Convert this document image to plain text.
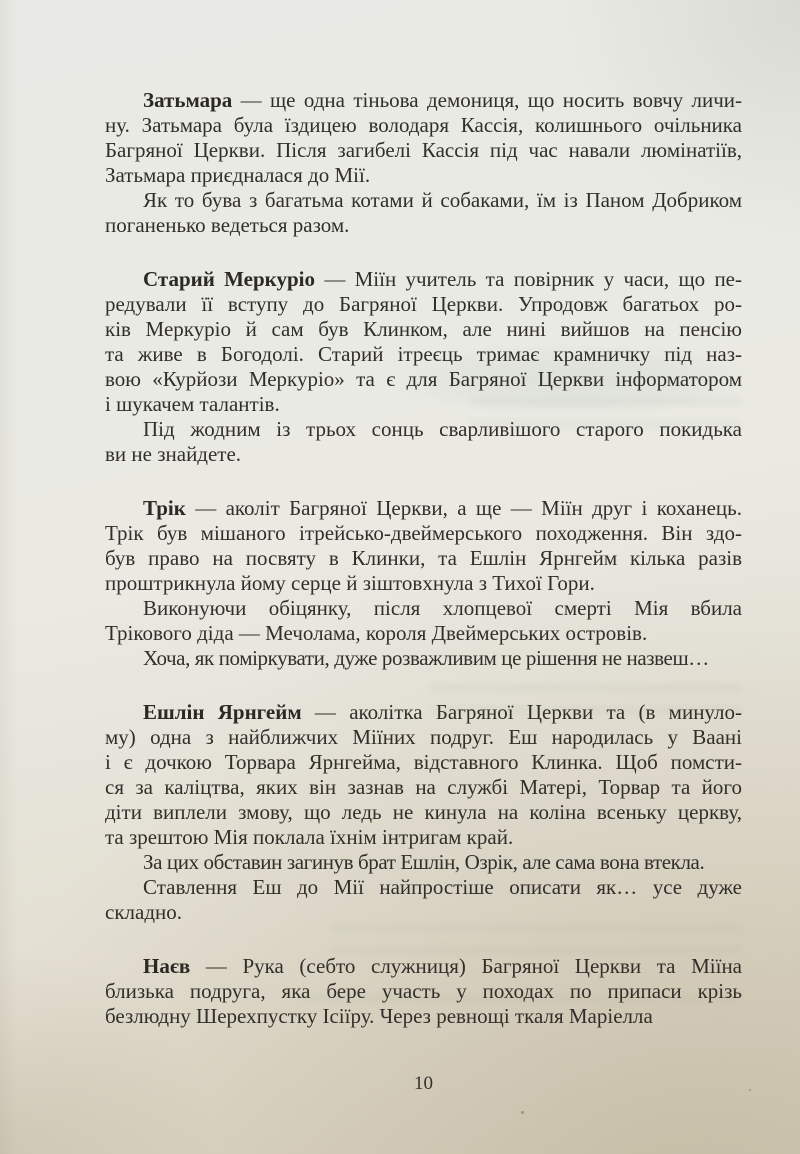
Затьмара — ще одна тіньова демониця, що носить вовчу личи-
ну. Затьмара була їздицею володаря Кассія, колишнього очільника
Багряної Церкви. Після загибелі Кассія під час навали люмінатіїв,
Затьмара приєдналася до Мії.
Як то бува з багатьма котами й собаками, їм із Паном Добриком
поганенько ведеться разом.
Старий Меркуріо — Міїн учитель та повірник у часи, що пе-
редували її вступу до Багряної Церкви. Упродовж багатьох ро-
ків Меркуріо й сам був Клинком, але нині вийшов на пенсію
та живе в Богодолі. Старий ітреєць тримає крамничку під наз-
вою «Курйози Меркуріо» та є для Багряної Церкви інформатором
і шукачем талантів.
Під жодним із трьох сонць сварливішого старого покидька
ви не знайдете.
Трік — аколіт Багряної Церкви, а ще — Міїн друг і коханець.
Трік був мішаного ітрейсько-двеймерського походження. Він здо-
був право на посвяту в Клинки, та Ешлін Ярнгейм кілька разів
проштрикнула йому серце й зіштовхнула з Тихої Гори.
Виконуючи обіцянку, після хлопцевої смерті Мія вбила
Трікового діда — Мечолама, короля Двеймерських островів.
Хоча, як поміркувати, дуже розважливим це рішення не назвеш…
Ешлін Ярнгейм — аколітка Багряної Церкви та (в минуло-
му) одна з найближчих Міїних подруг. Еш народилась у Ваані
і є дочкою Торвара Ярнгейма, відставного Клинка. Щоб помсти-
ся за каліцтва, яких він зазнав на службі Матері, Торвар та його
діти виплели змову, що ледь не кинула на коліна всеньку церкву,
та зрештою Мія поклала їхнім інтригам край.
За цих обставин загинув брат Ешлін, Озрік, але сама вона втекла.
Ставлення Еш до Мії найпростіше описати як… усе дуже
складно.
Наєв — Рука (себто служниця) Багряної Церкви та Міїна
близька подруга, яка бере участь у походах по припаси крізь
безлюдну Шерехпустку Ісіїру. Через ревнощі ткаля Маріелла
10
